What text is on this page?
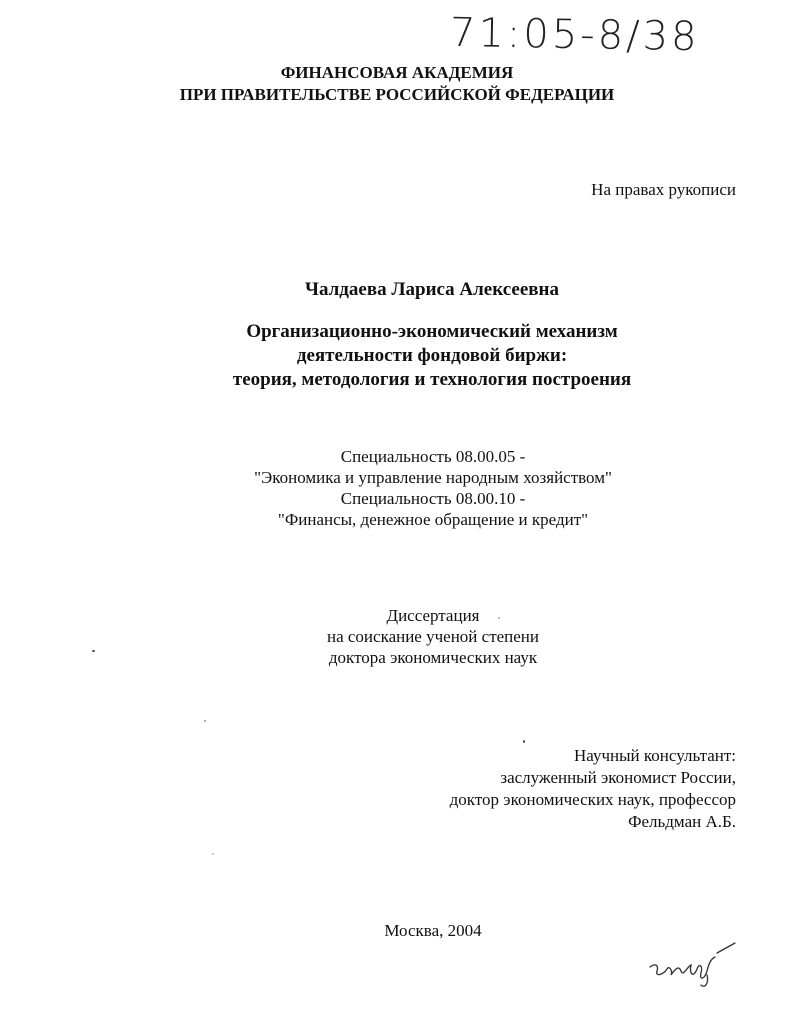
71:05-8/38
ФИНАНСОВАЯ АКАДЕМИЯ
ПРИ ПРАВИТЕЛЬСТВЕ РОССИЙСКОЙ ФЕДЕРАЦИИ
На правах рукописи
Чалдаева Лариса Алексеевна
Организационно-экономический механизм
деятельности фондовой биржи:
теория, методология и технология построения
Специальность 08.00.05 -
"Экономика и управление народным хозяйством"
Специальность 08.00.10 -
"Финансы, денежное обращение и кредит"
Диссертация
на соискание ученой степени
доктора экономических наук
Научный консультант:
заслуженный экономист России,
доктор экономических наук, профессор
Фельдман А.Б.
Москва, 2004
